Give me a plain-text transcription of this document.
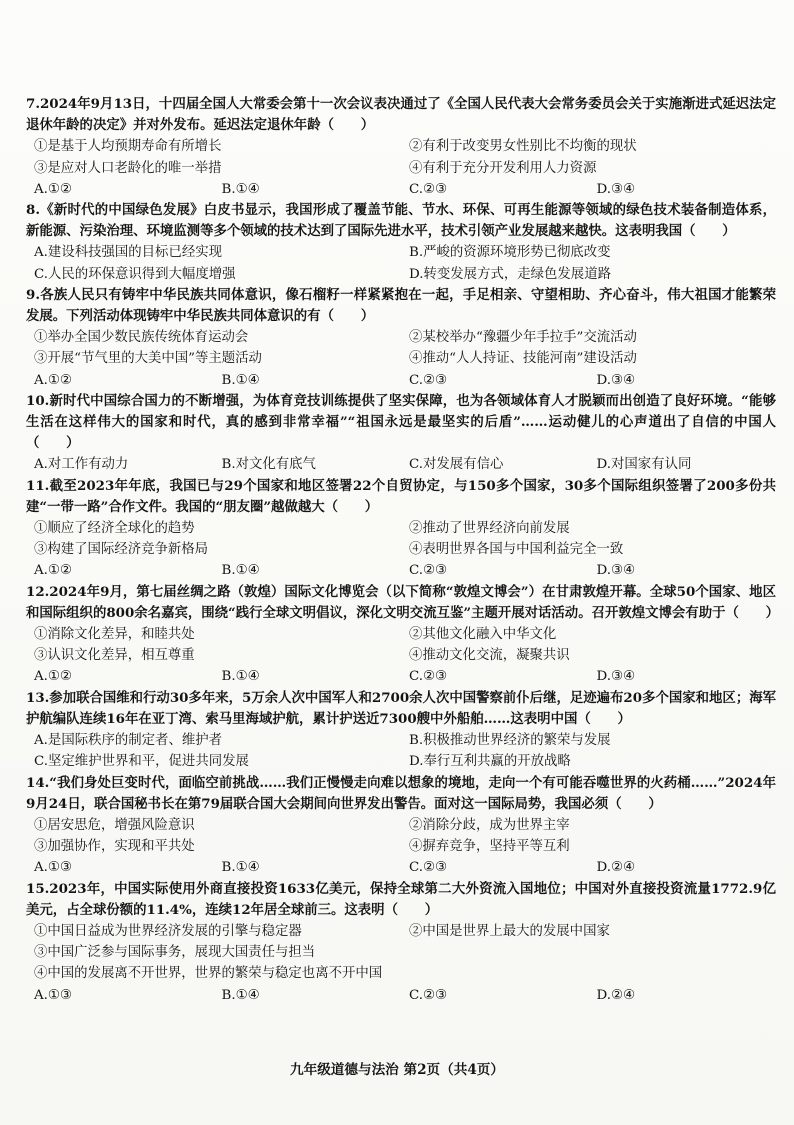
7.2024年9月13日，十四届全国人大常委会第十一次会议表决通过了《全国人民代表大会常务委员会关于实施渐进式延迟法定退休年龄的决定》并对外发布。延迟法定退休年龄（　　）

①是基于人均预期寿命有所增长	②有利于改变男女性别比不均衡的现状
③是应对人口老龄化的唯一举措	④有利于充分开发利用人力资源
A.①②	B.①④	C.②③	D.③④

8.《新时代的中国绿色发展》白皮书显示，我国形成了覆盖节能、节水、环保、可再生能源等领域的绿色技术装备制造体系，新能源、污染治理、环境监测等多个领域的技术达到了国际先进水平，技术引领产业发展越来越快。这表明我国（　　）

A.建设科技强国的目标已经实现	B.严峻的资源环境形势已彻底改变
C.人民的环保意识得到大幅度增强	D.转变发展方式，走绿色发展道路

9.各族人民只有铸牢中华民族共同体意识，像石榴籽一样紧紧抱在一起，手足相亲、守望相助、齐心奋斗，伟大祖国才能繁荣发展。下列活动体现铸牢中华民族共同体意识的有（　　）

①举办全国少数民族传统体育运动会	②某校举办“豫疆少年手拉手”交流活动
③开展“节气里的大美中国”等主题活动	④推动“人人持证、技能河南”建设活动
A.①②	B.①④	C.②③	D.③④

10.新时代中国综合国力的不断增强，为体育竞技训练提供了坚实保障，也为各领域体育人才脱颖而出创造了良好环境。“能够生活在这样伟大的国家和时代，真的感到非常幸福”“祖国永远是最坚实的后盾”……运动健儿的心声道出了自信的中国人（　　）

A.对工作有动力	B.对文化有底气	C.对发展有信心	D.对国家有认同

11.截至2023年年底，我国已与29个国家和地区签署22个自贸协定，与150多个国家，30多个国际组织签署了200多份共建“一带一路”合作文件。我国的“朋友圈”越做越大（　　）

①顺应了经济全球化的趋势	②推动了世界经济向前发展
③构建了国际经济竞争新格局	④表明世界各国与中国利益完全一致
A.①②	B.①④	C.②③	D.③④

12.2024年9月，第七届丝绸之路（敦煌）国际文化博览会（以下简称“敦煌文博会”）在甘肃敦煌开幕。全球50个国家、地区和国际组织的800余名嘉宾，围绕“践行全球文明倡议，深化文明交流互鉴”主题开展对话活动。召开敦煌文博会有助于（　　）

①消除文化差异，和睦共处	②其他文化融入中华文化
③认识文化差异，相互尊重	④推动文化交流，凝聚共识
A.①②	B.①④	C.②③	D.③④

13.参加联合国维和行动30多年来，5万余人次中国军人和2700余人次中国警察前仆后继，足迹遍布20多个国家和地区；海军护航编队连续16年在亚丁湾、索马里海域护航，累计护送近7300艘中外船舶……这表明中国（　　）

A.是国际秩序的制定者、维护者	B.积极推动世界经济的繁荣与发展
C.坚定维护世界和平，促进共同发展	D.奉行互利共赢的开放战略

14.“我们身处巨变时代，面临空前挑战……我们正慢慢走向难以想象的境地，走向一个有可能吞噬世界的火药桶……”2024年9月24日，联合国秘书长在第79届联合国大会期间向世界发出警告。面对这一国际局势，我国必须（　　）

①居安思危，增强风险意识	②消除分歧，成为世界主宰
③加强协作，实现和平共处	④摒弃竞争，坚持平等互利
A.①③	B.①④	C.②③	D.②④

15.2023年，中国实际使用外商直接投资1633亿美元，保持全球第二大外资流入国地位；中国对外直接投资流量1772.9亿美元，占全球份额的11.4%，连续12年居全球前三。这表明（　　）

①中国日益成为世界经济发展的引擎与稳定器	②中国是世界上最大的发展中国家
③中国广泛参与国际事务，展现大国责任与担当
④中国的发展离不开世界，世界的繁荣与稳定也离不开中国
A.①③	B.①④	C.②③	D.②④
九年级道德与法治 第2页（共4页）
